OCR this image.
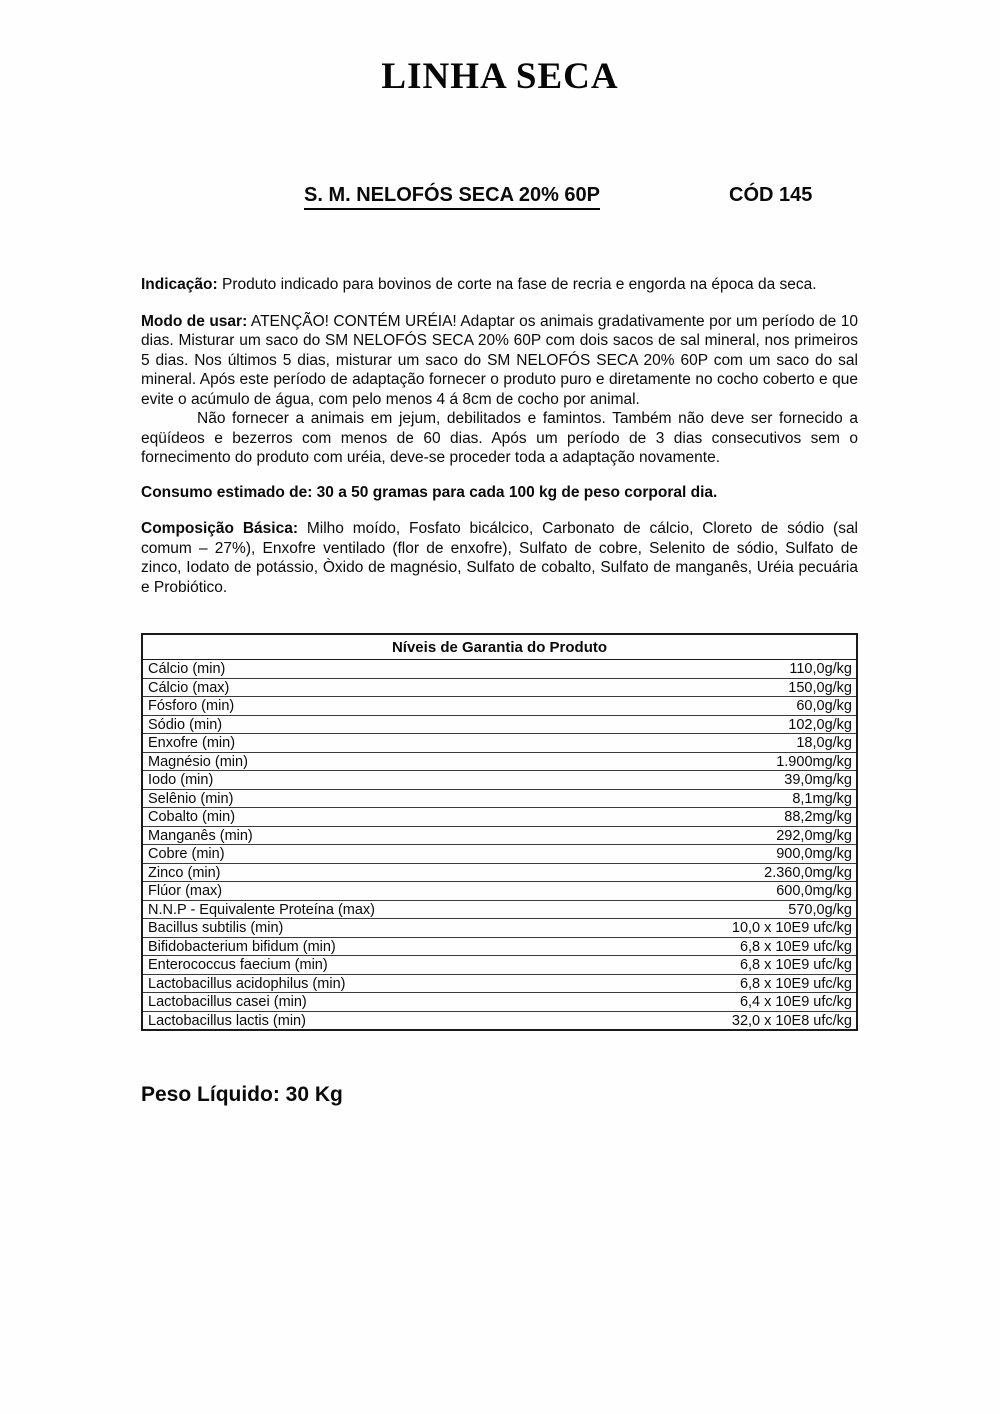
LINHA SECA
S. M. NELOFÓS SECA 20% 60P	CÓD 145

Indicação: Produto indicado para bovinos de corte na fase de recria e engorda na época da seca.

Modo de usar: ATENÇÃO! CONTÉM URÉIA! Adaptar os animais gradativamente por um período de 10 dias. Misturar um saco do SM NELOFÓS SECA 20% 60P com dois sacos de sal mineral, nos primeiros 5 dias. Nos últimos 5 dias, misturar um saco do SM NELOFÓS SECA 20% 60P com um saco do sal mineral. Após este período de adaptação fornecer o produto puro e diretamente no cocho coberto e que evite o acúmulo de água, com pelo menos 4 á 8cm de cocho por animal.

Não fornecer a animais em jejum, debilitados e famintos. Também não deve ser fornecido a eqüídeos e bezerros com menos de 60 dias. Após um período de 3 dias consecutivos sem o fornecimento do produto com uréia, deve-se proceder toda a adaptação novamente.

Consumo estimado de: 30 a 50 gramas para cada 100 kg de peso corporal dia.

Composição Básica: Milho moído, Fosfato bicálcico, Carbonato de cálcio, Cloreto de sódio (sal comum – 27%), Enxofre ventilado (flor de enxofre), Sulfato de cobre, Selenito de sódio, Sulfato de zinco, Iodato de potássio, Òxido de magnésio, Sulfato de cobalto, Sulfato de manganês, Uréia pecuária e Probiótico.

Níveis de Garantia do Produto	
Cálcio (min)	110,0g/kg
Cálcio (max)	150,0g/kg
Fósforo (min)	60,0g/kg
Sódio (min)	102,0g/kg
Enxofre (min)	18,0g/kg
Magnésio (min)	1.900mg/kg
Iodo (min)	39,0mg/kg
Selênio (min)	8,1mg/kg
Cobalto (min)	88,2mg/kg
Manganês (min)	292,0mg/kg
Cobre (min)	900,0mg/kg
Zinco (min)	2.360,0mg/kg
Flúor (max)	600,0mg/kg
N.N.P - Equivalente Proteína (max)	570,0g/kg
Bacillus subtilis (min)	10,0 x 10E9 ufc/kg
Bifidobacterium bifidum (min)	6,8 x 10E9 ufc/kg
Enterococcus faecium (min)	6,8 x 10E9 ufc/kg
Lactobacillus acidophilus (min)	6,8 x 10E9 ufc/kg
Lactobacillus casei (min)	6,4 x 10E9 ufc/kg
Lactobacillus lactis (min)	32,0 x 10E8 ufc/kg

Peso Líquido: 30 Kg
